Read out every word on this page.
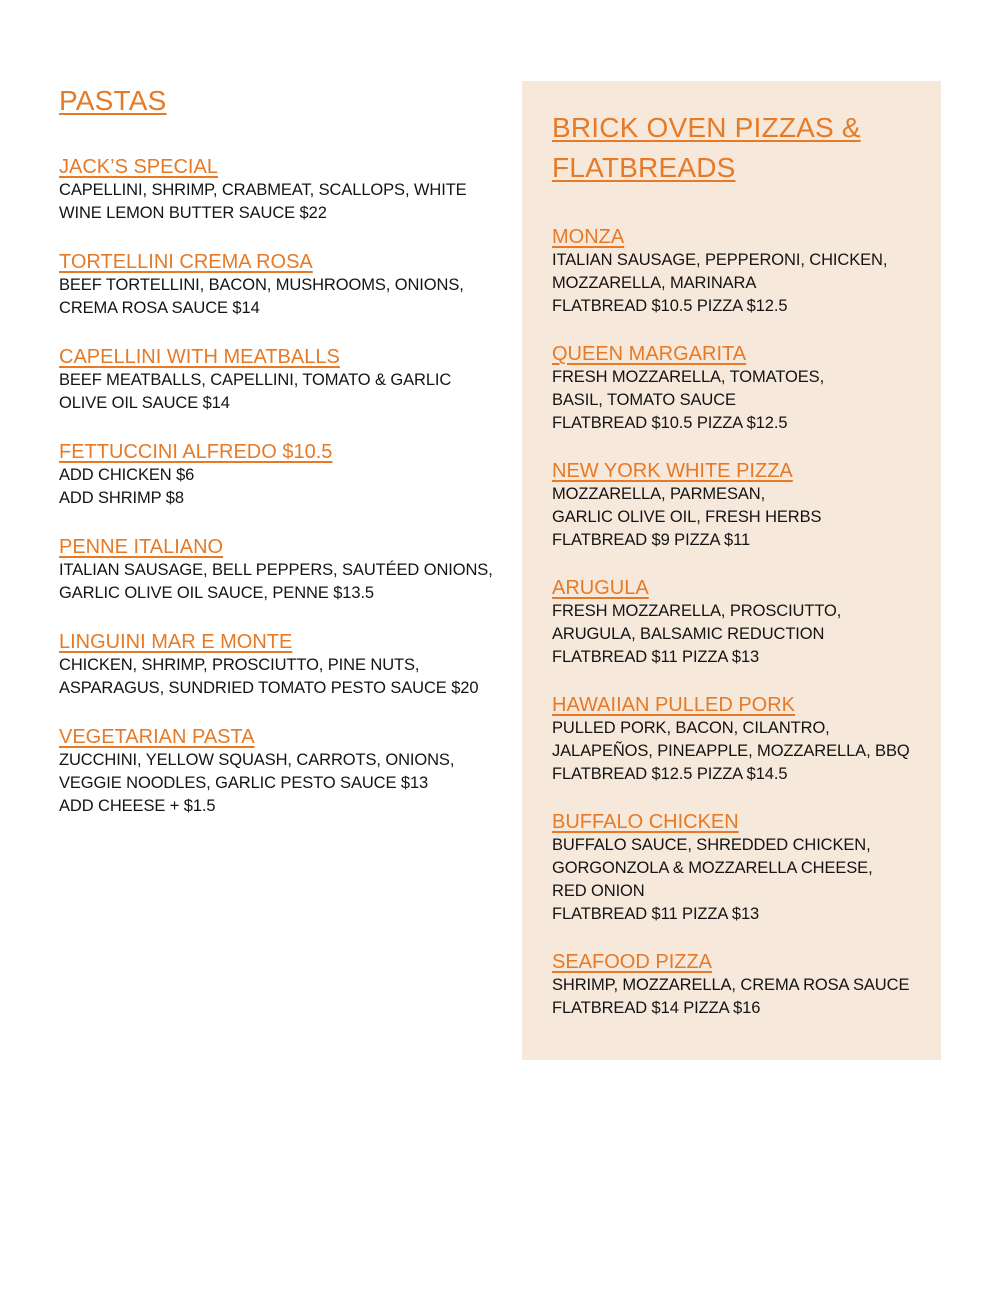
PASTAS
JACK’S SPECIAL
CAPELLINI, SHRIMP, CRABMEAT, SCALLOPS, WHITE
WINE LEMON BUTTER SAUCE $22
TORTELLINI CREMA ROSA
BEEF TORTELLINI, BACON, MUSHROOMS, ONIONS,
CREMA ROSA SAUCE $14
CAPELLINI WITH MEATBALLS
BEEF MEATBALLS, CAPELLINI, TOMATO & GARLIC
OLIVE OIL SAUCE $14
FETTUCCINI ALFREDO $10.5
ADD CHICKEN $6
ADD SHRIMP $8
PENNE ITALIANO
ITALIAN SAUSAGE, BELL PEPPERS, SAUTÉED ONIONS,
GARLIC OLIVE OIL SAUCE, PENNE $13.5
LINGUINI MAR E MONTE
CHICKEN, SHRIMP, PROSCIUTTO, PINE NUTS,
ASPARAGUS, SUNDRIED TOMATO PESTO SAUCE $20
VEGETARIAN PASTA
ZUCCHINI, YELLOW SQUASH, CARROTS, ONIONS,
VEGGIE NOODLES, GARLIC PESTO SAUCE $13
ADD CHEESE + $1.5
BRICK OVEN PIZZAS &
FLATBREADS
MONZA
ITALIAN SAUSAGE, PEPPERONI, CHICKEN,
MOZZARELLA, MARINARA
FLATBREAD $10.5 PIZZA $12.5
QUEEN MARGARITA
FRESH MOZZARELLA, TOMATOES,
BASIL, TOMATO SAUCE
FLATBREAD $10.5 PIZZA $12.5
NEW YORK WHITE PIZZA
MOZZARELLA, PARMESAN,
GARLIC OLIVE OIL, FRESH HERBS
FLATBREAD $9 PIZZA $11
ARUGULA
FRESH MOZZARELLA, PROSCIUTTO,
ARUGULA, BALSAMIC REDUCTION
FLATBREAD $11 PIZZA $13
HAWAIIAN PULLED PORK
PULLED PORK, BACON, CILANTRO,
JALAPEÑOS, PINEAPPLE, MOZZARELLA, BBQ
FLATBREAD $12.5 PIZZA $14.5
BUFFALO CHICKEN
BUFFALO SAUCE, SHREDDED CHICKEN,
GORGONZOLA & MOZZARELLA CHEESE,
RED ONION
FLATBREAD $11 PIZZA $13
SEAFOOD PIZZA
SHRIMP, MOZZARELLA, CREMA ROSA SAUCE
FLATBREAD $14 PIZZA $16
